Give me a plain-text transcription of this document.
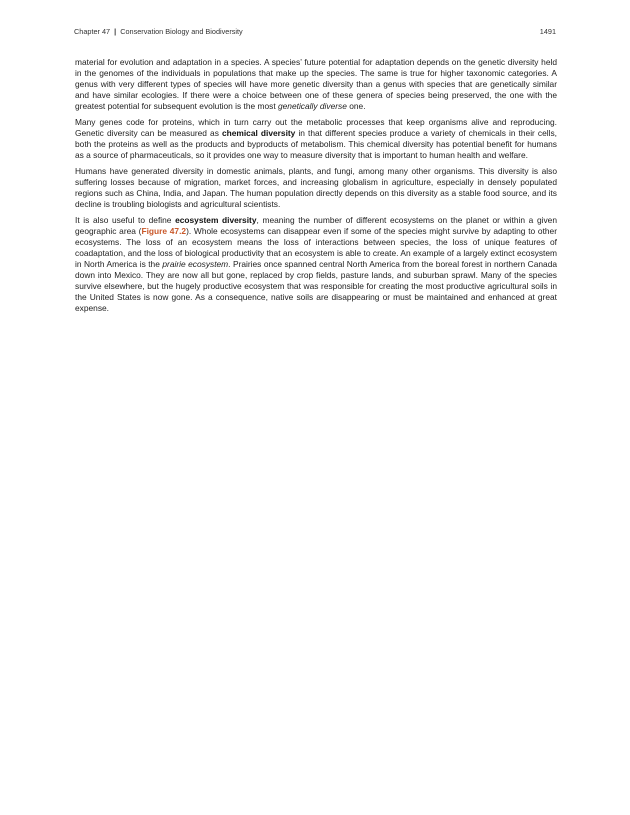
Chapter 47 | Conservation Biology and Biodiversity	1491

material for evolution and adaptation in a species. A species’ future potential for adaptation depends on the genetic diversity held in the genomes of the individuals in populations that make up the species. The same is true for higher taxonomic categories. A genus with very different types of species will have more genetic diversity than a genus with species that are genetically similar and have similar ecologies. If there were a choice between one of these genera of species being preserved, the one with the greatest potential for subsequent evolution is the most genetically diverse one.

Many genes code for proteins, which in turn carry out the metabolic processes that keep organisms alive and reproducing. Genetic diversity can be measured as chemical diversity in that different species produce a variety of chemicals in their cells, both the proteins as well as the products and byproducts of metabolism. This chemical diversity has potential benefit for humans as a source of pharmaceuticals, so it provides one way to measure diversity that is important to human health and welfare.

Humans have generated diversity in domestic animals, plants, and fungi, among many other organisms. This diversity is also suffering losses because of migration, market forces, and increasing globalism in agriculture, especially in densely populated regions such as China, India, and Japan. The human population directly depends on this diversity as a stable food source, and its decline is troubling biologists and agricultural scientists.

It is also useful to define ecosystem diversity, meaning the number of different ecosystems on the planet or within a given geographic area (Figure 47.2). Whole ecosystems can disappear even if some of the species might survive by adapting to other ecosystems. The loss of an ecosystem means the loss of interactions between species, the loss of unique features of coadaptation, and the loss of biological productivity that an ecosystem is able to create. An example of a largely extinct ecosystem in North America is the prairie ecosystem. Prairies once spanned central North America from the boreal forest in northern Canada down into Mexico. They are now all but gone, replaced by crop fields, pasture lands, and suburban sprawl. Many of the species survive elsewhere, but the hugely productive ecosystem that was responsible for creating the most productive agricultural soils in the United States is now gone. As a consequence, native soils are disappearing or must be maintained and enhanced at great expense.
